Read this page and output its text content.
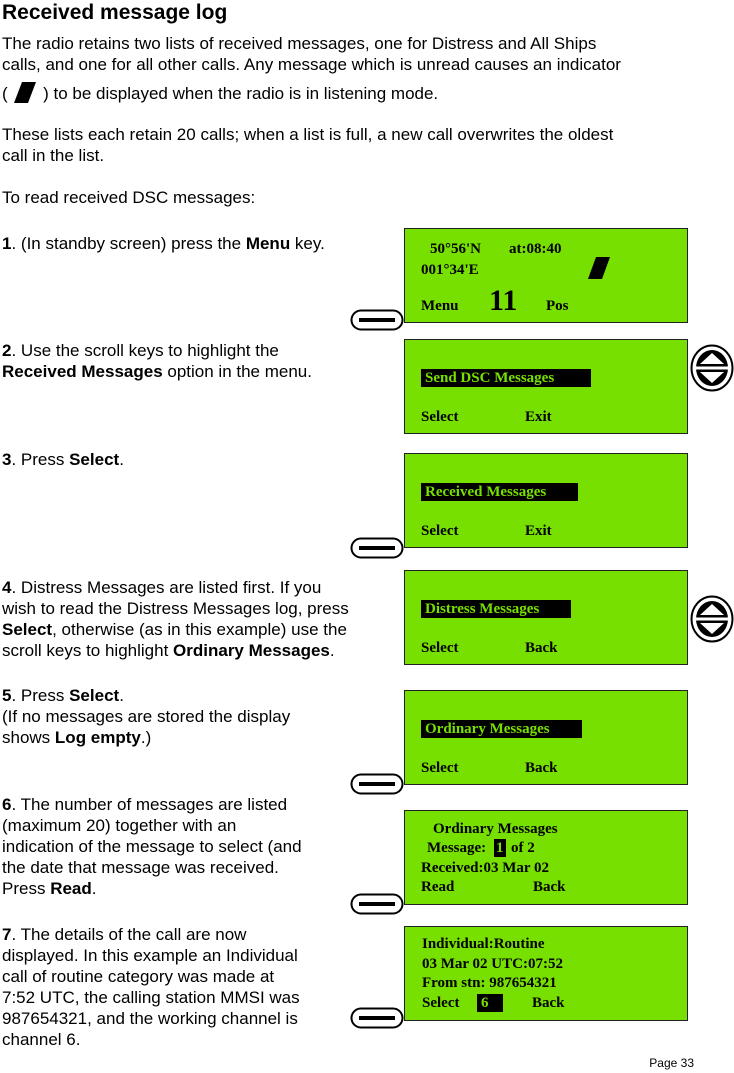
Received message log

The radio retains two lists of received messages, one for Distress and All Ships

calls, and one for all other calls. Any message which is unread causes an indicator

( ) to be displayed when the radio is in listening mode.

These lists each retain 20 calls; when a list is full, a new call overwrites the oldest

call in the list.

To read received DSC messages:

1. (In standby screen) press the Menu key.

2. Use the scroll keys to highlight the

Received Messages option in the menu.

3. Press Select.

4. Distress Messages are listed first. If you

wish to read the Distress Messages log, press

Select, otherwise (as in this example) use the

scroll keys to highlight Ordinary Messages.

5. Press Select.

(If no messages are stored the display

shows Log empty.)

6. The number of messages are listed

(maximum 20) together with an

indication of the message to select (and

the date that message was received.

Press Read.

7. The details of the call are now

displayed. In this example an Individual

call of routine category was made at

7:52 UTC, the calling station MMSI was

987654321, and the working channel is

channel 6.

50°56'N at:08:40
001°34'E
Menu 11 Pos
Send DSC Messages
Select	Exit
Received Messages
Select	Exit
Distress Messages
Select	Back
Ordinary Messages
Select	Back
Ordinary Messages
Message: 1 of 2
Received:03 Mar 02
Read	Back
Individual:Routine
03 Mar 02 UTC:07:52
From stn: 987654321
Select 6	Back
Page 33
